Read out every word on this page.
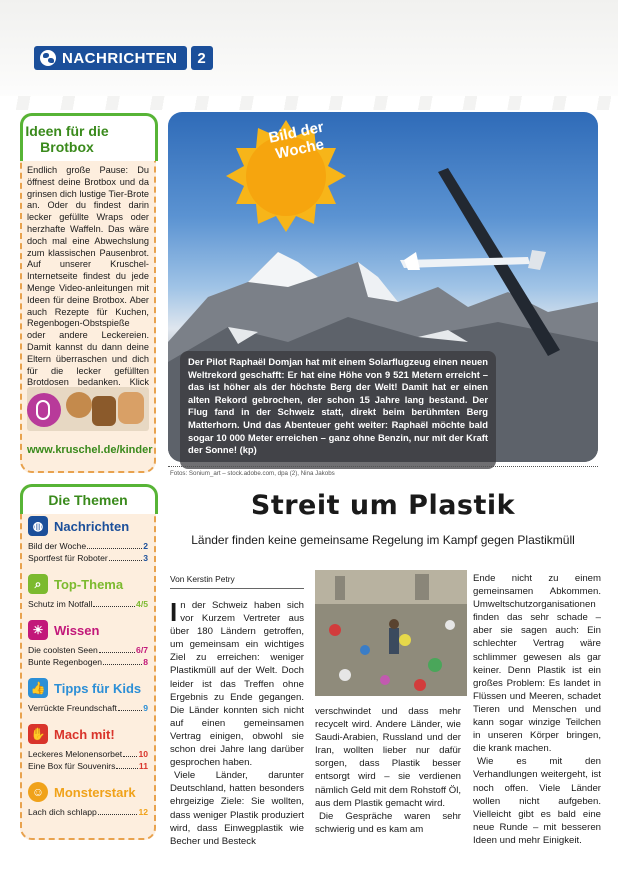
NACHRICHTEN	2
Ideen für die Brotbox
Endlich große Pause: Du öffnest deine Brotbox und da grinsen dich lustige Tier-Brote an. Oder du findest darin lecker gefüllte Wraps oder herzhafte Waffeln. Das wäre doch mal eine Abwechslung zum klassischen Pausenbrot. Auf unserer Kruschel-Internetseite findest du jede Menge Video-anleitungen mit Ideen für deine Brotbox. Aber auch Rezepte für Kuchen, Regenbogen-Obstspieße oder andere Leckereien. Damit kannst du dann deine Eltern überraschen und dich für die lecker gefüllten Brotdosen bedanken. Klick
www.kruschel.de/kinder
Die Themen
◍ Nachrichten
Bild der Woche	2
Sportfest für Roboter	3
⌕ Top-Thema
Schutz im Notfall	4/5
☀ Wissen
Die coolsten Seen	6/7
Bunte Regenbogen	8
👍 Tipps für Kids
Verrückte Freundschaft	9
✋ Mach mit!
Leckeres Melonensorbet 10
Eine Box für Souvenirs	11
☺ Monsterstark
Lach dich schlapp	12
Bild der Woche
Der Pilot Raphaël Domjan hat mit einem Solarflugzeug einen neuen Weltrekord geschafft: Er hat eine Höhe von 9 521 Metern erreicht – das ist höher als der höchste Berg der Welt! Damit hat er einen alten Rekord gebrochen, der schon 15 Jahre lang bestand. Der Flug fand in der Schweiz statt, direkt beim berühmten Berg Matterhorn. Und das Abenteuer geht weiter: Raphaël möchte bald sogar 10 000 Meter erreichen – ganz ohne Benzin, nur mit der Kraft der Sonne! (kp)
Fotos: Sonium_art – stock.adobe.com, dpa (2), Nina Jakobs
Streit um Plastik
Länder finden keine gemeinsame Regelung im Kampf gegen Plastikmüll
Von Kerstin Petry
In der Schweiz haben sich vor Kurzem Vertreter aus über 180 Ländern getroffen, um gemeinsam ein wichtiges Ziel zu erreichen: weniger Plastikmüll auf der Welt. Doch leider ist das Treffen ohne Ergebnis zu Ende gegangen. Die Länder konnten sich nicht auf einen gemeinsamen Vertrag einigen, obwohl sie schon drei Jahre lang darüber gesprochen haben.

Viele Länder, darunter Deutschland, hatten besonders ehrgeizige Ziele: Sie wollten, dass weniger Plastik produziert wird, dass Einwegplastik wie Becher und Besteck

verschwindet und dass mehr recycelt wird. Andere Länder, wie Saudi-Arabien, Russland und der Iran, wollten lieber nur dafür sorgen, dass Plastik besser entsorgt wird – sie verdienen nämlich Geld mit dem Rohstoff Öl, aus dem Plastik gemacht wird.

Die Gespräche waren sehr schwierig und es kam am

Ende nicht zu einem gemeinsamen Abkommen. Umweltschutzorganisationen finden das sehr schade – aber sie sagen auch: Ein schlechter Vertrag wäre schlimmer gewesen als gar keiner. Denn Plastik ist ein großes Problem: Es landet in Flüssen und Meeren, schadet Tieren und Menschen und kann sogar winzige Teilchen in unseren Körper bringen, die krank machen.

Wie es mit den Verhandlungen weitergeht, ist noch offen. Viele Länder wollen nicht aufgeben. Vielleicht gibt es bald eine neue Runde – mit besseren Ideen und mehr Einigkeit.
